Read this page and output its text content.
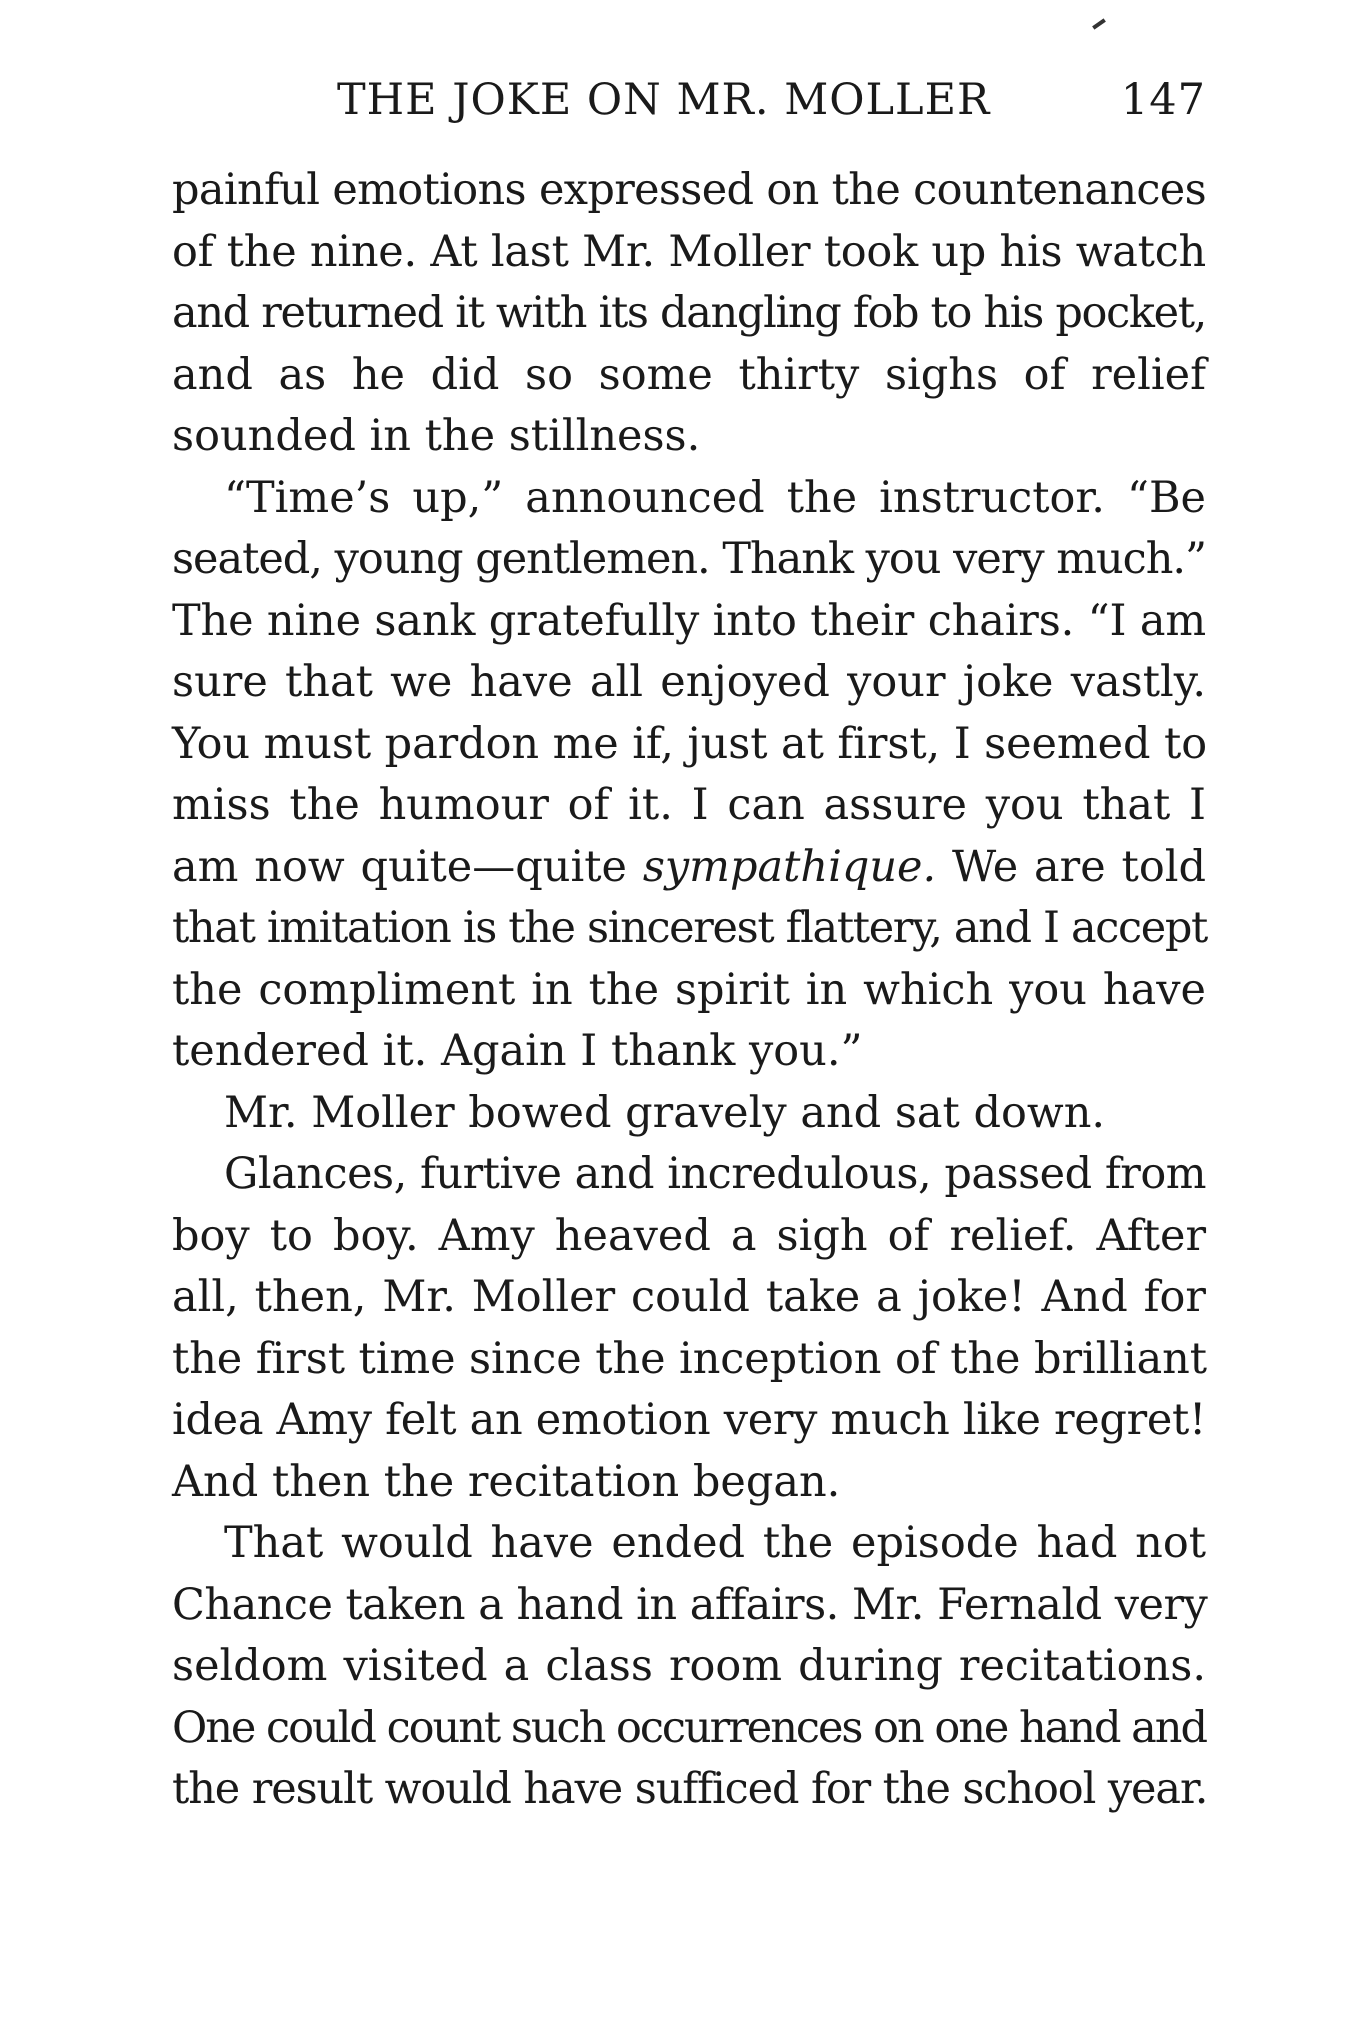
THE JOKE ON MR. MOLLER	147
painful emotions expressed on the countenances
of the nine. At last Mr. Moller took up his watch
and returned it with its dangling fob to his pocket,
and as he did so some thirty sighs of relief
sounded in the stillness.
“Time’s up,” announced the instructor. “Be
seated, young gentlemen. Thank you very much.”
The nine sank gratefully into their chairs. “I am
sure that we have all enjoyed your joke vastly.
You must pardon me if, just at first, I seemed to
miss the humour of it. I can assure you that I
am now quite—quite sympathique. We are told
that imitation is the sincerest flattery, and I accept
the compliment in the spirit in which you have
tendered it. Again I thank you.”
Mr. Moller bowed gravely and sat down.
Glances, furtive and incredulous, passed from
boy to boy. Amy heaved a sigh of relief. After
all, then, Mr. Moller could take a joke! And for
the first time since the inception of the brilliant
idea Amy felt an emotion very much like regret!
And then the recitation began.
That would have ended the episode had not
Chance taken a hand in affairs. Mr. Fernald very
seldom visited a class room during recitations.
One could count such occurrences on one hand and
the result would have sufficed for the school year.
